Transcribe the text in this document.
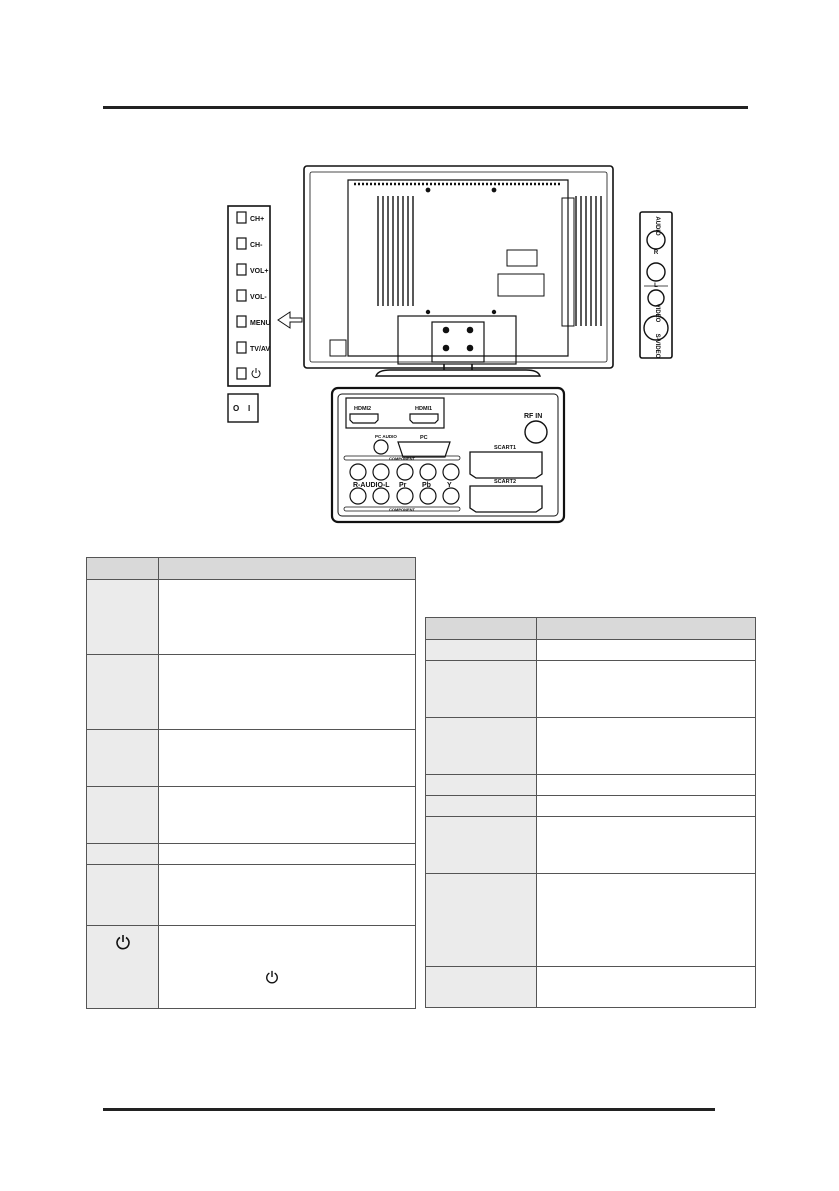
CH+
CH-
VOL+
VOL-
MENU
TV/AV
O I
AUDIO
R
L
VIDEO
S-VIDEO
HDMI2	HDMI1
PC AUDIO	PC
COMPONENT
COMPONENT
SCART1
SCART2
RF IN
R-AUDIO-L Pr Pb Y
